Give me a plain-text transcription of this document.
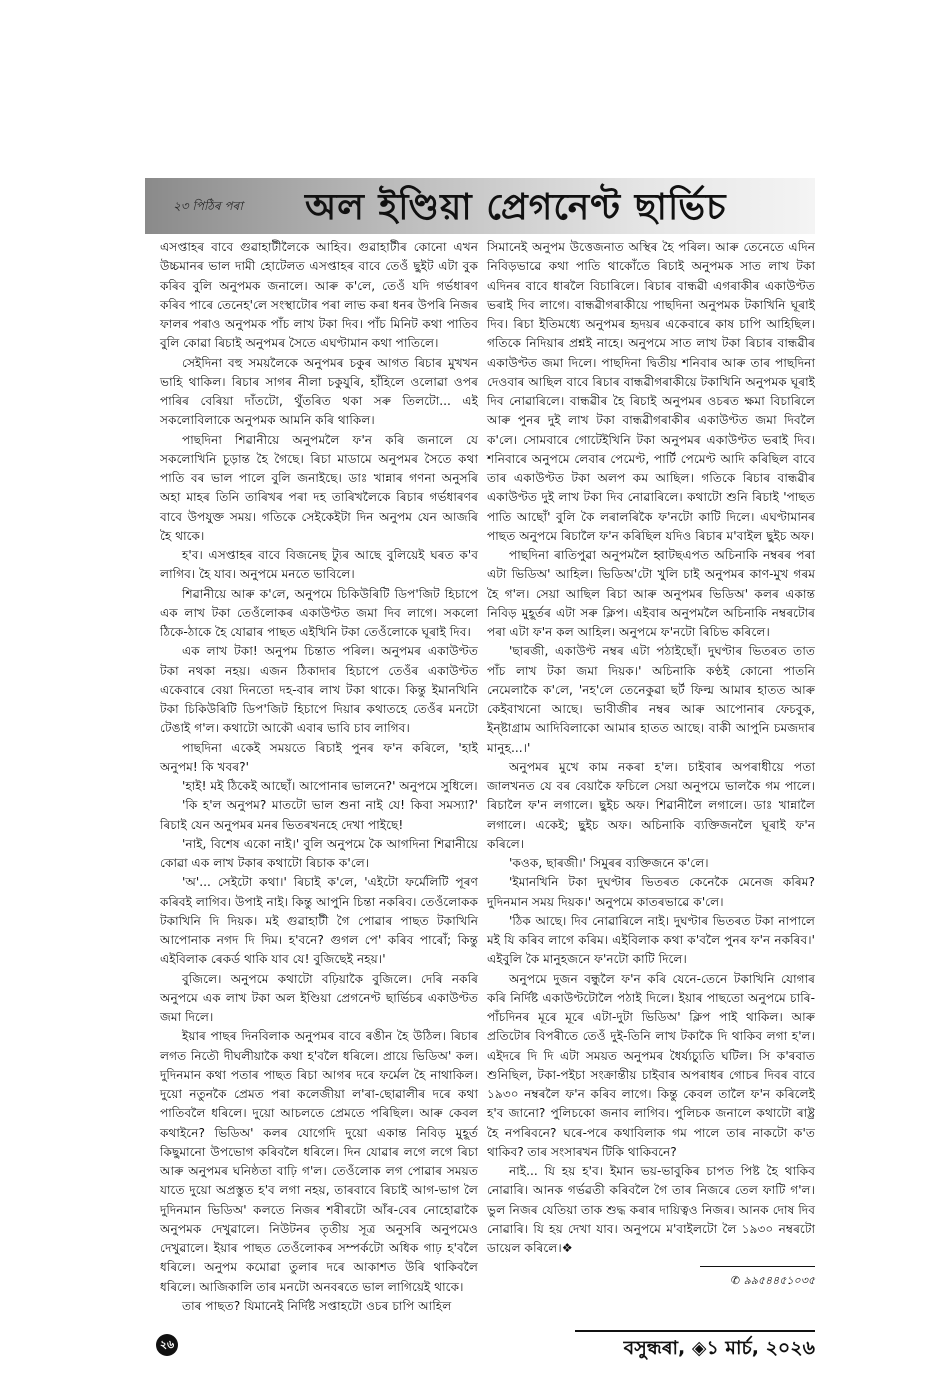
২৩ পিঠিৰ পৰা অল ইণ্ডিয়া প্ৰেগনেণ্ট ছাৰ্ভিচ

এসপ্তাহৰ বাবে গুৱাহাটীলৈকে আহিব। গুৱাহাটীৰ কোনো এখন উচ্চমানৰ ভাল দামী হোটেলত এসপ্তাহৰ বাবে তেওঁ ছুইট এটা বুক কৰিব বুলি অনুপমক জনালে। আৰু ক'লে, তেওঁ যদি গৰ্ভধাৰণ কৰিব পাৰে তেনেহ'লে সংস্থাটোৰ পৰা লাভ কৰা ধনৰ উপৰি নিজৰ ফালৰ পৰাও অনুপমক পাঁচ লাখ টকা দিব। পাঁচ মিনিট কথা পাতিব বুলি কোৱা ৰিচাই অনুপমৰ সৈতে এঘণ্টামান কথা পাতিলে।

সেইদিনা বহু সময়লৈকে অনুপমৰ চকুৰ আগত ৰিচাৰ মুখখন ভাহি থাকিল। ৰিচাৰ সাগৰ নীলা চকুযুৰি, হাঁহিলে ওলোৱা ওপৰ পাৰিৰ বেৰিয়া দাঁতটো, থুঁতৰিত থকা সৰু তিলটো... এই সকলোবিলাকে অনুপমক আমনি কৰি থাকিল।

পাছদিনা শিৱানীয়ে অনুপমলৈ ফ'ন কৰি জনালে যে সকলোখিনি চূড়ান্ত হৈ গৈছে। ৰিচা মাডামে অনুপমৰ সৈতে কথা পাতি বৰ ভাল পালে বুলি জনাইছে। ডাঃ খান্নাৰ গণনা অনুসৰি অহা মাহৰ তিনি তাৰিখৰ পৰা দহ তাৰিখলৈকে ৰিচাৰ গৰ্ভধাৰণৰ বাবে উপযুক্ত সময়। গতিকে সেইকেইটা দিন অনুপম যেন আজৰি হৈ থাকে।

হ'ব। এসপ্তাহৰ বাবে বিজনেছ ট্যুৰ আছে বুলিয়েই ঘৰত ক'ব লাগিব। হৈ যাব। অনুপমে মনতে ভাবিলে।

শিৱানীয়ে আৰু ক'লে, অনুপমে চিকিউৰিটি ডিপ'জিট হিচাপে এক লাখ টকা তেওঁলোকৰ একাউণ্টত জমা দিব লাগে। সকলো ঠিকে-ঠাকে হৈ যোৱাৰ পাছত এইখিনি টকা তেওঁলোকে ঘূৰাই দিব।

এক লাখ টকা! অনুপম চিন্তাত পৰিল। অনুপমৰ একাউণ্টত টকা নথকা নহয়। এজন ঠিকাদাৰ হিচাপে তেওঁৰ একাউণ্টত একেবাৰে বেয়া দিনতো দহ-বাৰ লাখ টকা থাকে। কিন্তু ইমানখিনি টকা চিকিউৰিটি ডিপ'জিট হিচাপে দিয়াৰ কথাতহে তেওঁৰ মনটো টেঙাই গ'ল। কথাটো আকৌ এবাৰ ভাবি চাব লাগিব।

পাছদিনা একেই সময়তে ৰিচাই পুনৰ ফ'ন কৰিলে, 'হাই অনুপম! কি খবৰ?'

'হাই! মই ঠিকেই আছোঁ। আপোনাৰ ভালনে?' অনুপমে সুধিলে।

'কি হ'ল অনুপম? মাতটো ভাল শুনা নাই যে! কিবা সমস্যা?' ৰিচাই যেন অনুপমৰ মনৰ ভিতৰখনহে দেখা পাইছে!

'নাই, বিশেষ একো নাই।' বুলি অনুপমে কৈ আগদিনা শিৱানীয়ে কোৱা এক লাখ টকাৰ কথাটো ৰিচাক ক'লে।

'অ'... সেইটো কথা।' ৰিচাই ক'লে, 'এইটো ফৰ্মেলিটি পূৰণ কৰিবই লাগিব। উপাই নাই। কিন্তু আপুনি চিন্তা নকৰিব। তেওঁলোকক টকাখিনি দি দিয়ক। মই গুৱাহাটী গৈ পোৱাৰ পাছত টকাখিনি আপোনাক নগদ দি দিম। হ'বনে? গুগল পে' কৰিব পাৰোঁ; কিন্তু এইবিলাক ৰেকৰ্ড থাকি যাব যে! বুজিছেই নহয়।'

বুজিলে। অনুপমে কথাটো বঢ়িয়াকৈ বুজিলে। দেৰি নকৰি অনুপমে এক লাখ টকা অল ইণ্ডিয়া প্ৰেগনেণ্ট ছাৰ্ভিচৰ একাউণ্টত জমা দিলে।

ইয়াৰ পাছৰ দিনবিলাক অনুপমৰ বাবে ৰঙীন হৈ উঠিল। ৰিচাৰ লগত নিতৌ দীঘলীয়াকৈ কথা হ'বলৈ ধৰিলে। প্ৰায়ে ভিডিঅ' কল। দুদিনমান কথা পতাৰ পাছত ৰিচা আগৰ দৰে ফৰ্মেল হৈ নাথাকিল। দুয়ো নতুনকৈ প্ৰেমত পৰা কলেজীয়া ল'ৰা-ছোৱালীৰ দৰে কথা পাতিবলৈ ধৰিলে। দুয়ো আচলতে প্ৰেমতে পৰিছিল। আৰু কেবল কথাইনে? ভিডিঅ' কলৰ যোগেদি দুয়ো একান্ত নিবিড় মুহূৰ্ত কিছুমানো উপভোগ কৰিবলৈ ধৰিলে। দিন যোৱাৰ লগে লগে ৰিচা আৰু অনুপমৰ ঘনিষ্ঠতা বাঢ়ি গ'ল। তেওঁলোক লগ পোৱাৰ সময়ত যাতে দুয়ো অপ্ৰস্তুত হ'ব লগা নহয়, তাৰবাবে ৰিচাই আগ-ভাগ লৈ দুদিনমান ভিডিঅ' কলতে নিজৰ শৰীৰটো আঁৰ-বেৰ নোহোৱাকৈ অনুপমক দেখুৱালে। নিউটনৰ তৃতীয় সূত্ৰ অনুসৰি অনুপমেও দেখুৱালে। ইয়াৰ পাছত তেওঁলোকৰ সম্পৰ্কটো অধিক গাঢ় হ'বলৈ ধৰিলে। অনুপম কমোৱা তুলাৰ দৰে আকাশত উৰি থাকিবলৈ ধৰিলে। আজিকালি তাৰ মনটো অনবৰতে ভাল লাগিয়েই থাকে।

তাৰ পাছত? যিমানেই নিৰ্দিষ্ট সপ্তাহটো ওচৰ চাপি আহিল

সিমানেই অনুপম উত্তেজনাত অস্থিৰ হৈ পৰিল। আৰু তেনেতে এদিন নিবিড়ভাৱে কথা পাতি থাকোঁতে ৰিচাই অনুপমক সাত লাখ টকা এদিনৰ বাবে ধাৰলৈ বিচাৰিলে। ৰিচাৰ বান্ধৱী এগৰাকীৰ একাউণ্টত ভৰাই দিব লাগে। বান্ধৱীগৰাকীয়ে পাছদিনা অনুপমক টকাখিনি ঘূৰাই দিব। ৰিচা ইতিমধ্যে অনুপমৰ হৃদয়ৰ একেবাৰে কাষ চাপি আহিছিল। গতিকে নিদিয়াৰ প্ৰশ্নই নাহে। অনুপমে সাত লাখ টকা ৰিচাৰ বান্ধৱীৰ একাউণ্টত জমা দিলে। পাছদিনা দ্বিতীয় শনিবাৰ আৰু তাৰ পাছদিনা দেওবাৰ আছিল বাবে ৰিচাৰ বান্ধৱীগৰাকীয়ে টকাখিনি অনুপমক ঘূৰাই দিব নোৱাৰিলে। বান্ধৱীৰ হৈ ৰিচাই অনুপমৰ ওচৰত ক্ষমা বিচাৰিলে আৰু পুনৰ দুই লাখ টকা বান্ধৱীগৰাকীৰ একাউণ্টত জমা দিবলৈ ক'লে। সোমবাৰে গোটেইখিনি টকা অনুপমৰ একাউণ্টত ভৰাই দিব। শনিবাৰে অনুপমে লেবাৰ পেমেণ্ট, পাৰ্টি পেমেণ্ট আদি কৰিছিল বাবে তাৰ একাউণ্টত টকা অলপ কম আছিল। গতিকে ৰিচাৰ বান্ধৱীৰ একাউণ্টত দুই লাখ টকা দিব নোৱাৰিলে। কথাটো শুনি ৰিচাই 'পাছত পাতি আছোঁ' বুলি কৈ লৰালৰিকৈ ফ'নটো কাটি দিলে। এঘণ্টামানৰ পাছত অনুপমে ৰিচালৈ ফ'ন কৰিছিল যদিও ৰিচাৰ ম'বাইল ছুইচ অফ।

পাছদিনা ৰাতিপুৱা অনুপমলৈ হ্বাটছএপত অচিনাকি নম্বৰৰ পৰা এটা ভিডিঅ' আহিল। ভিডিঅ'টো খুলি চাই অনুপমৰ কাণ-মুখ গৰম হৈ গ'ল। সেয়া আছিল ৰিচা আৰু অনুপমৰ ভিডিঅ' কলৰ একান্ত নিবিড় মুহূৰ্তৰ এটা সৰু ক্লিপ। এইবাৰ অনুপমলৈ অচিনাকি নম্বৰটোৰ পৰা এটা ফ'ন কল আহিল। অনুপমে ফ'নটো ৰিচিভ কৰিলে।

'ছাৰজী, একাউণ্ট নম্বৰ এটা পঠাইছোঁ। দুঘণ্টাৰ ভিতৰত তাত পাঁচ লাখ টকা জমা দিয়ক।' অচিনাকি কণ্ঠই কোনো পাতনি নেমেলাকৈ ক'লে, 'নহ'লে তেনেকুৱা ছৰ্ট ফিল্ম আমাৰ হাতত আৰু কেইবাখনো আছে। ভাবীজীৰ নম্বৰ আৰু আপোনাৰ ফেচবুক, ইন্‌ষ্টাগ্ৰাম আদিবিলাকো আমাৰ হাতত আছে। বাকী আপুনি চমজদাৰ মানুহ...।'

অনুপমৰ মুখে কাম নকৰা হ'ল। চাইবাৰ অপৰাধীয়ে পতা জালখনত যে বৰ বেয়াকৈ ফচিলে সেয়া অনুপমে ভালকৈ গম পালে। ৰিচালৈ ফ'ন লগালে। ছুইচ অফ। শিৱানীলৈ লগালে। ডাঃ খান্নালৈ লগালে। একেই; ছুইচ অফ। অচিনাকি ব্যক্তিজনলৈ ঘূৰাই ফ'ন কৰিলে।

'কওক, ছাৰজী।' সিমুৰৰ ব্যক্তিজনে ক'লে।

'ইমানখিনি টকা দুঘণ্টাৰ ভিতৰত কেনেকৈ মেনেজ কৰিম? দুদিনমান সময় দিয়ক।' অনুপমে কাতৰভাৱে ক'লে।

'ঠিক আছে। দিব নোৱাৰিলে নাই। দুঘণ্টাৰ ভিতৰত টকা নাপালে মই যি কৰিব লাগে কৰিম। এইবিলাক কথা ক'বলৈ পুনৰ ফ'ন নকৰিব।' এইবুলি কৈ মানুহজনে ফ'নটো কাটি দিলে।

অনুপমে দুজন বন্ধুলৈ ফ'ন কৰি যেনে-তেনে টকাখিনি যোগাৰ কৰি নিৰ্দিষ্ট একাউণ্টটোলৈ পঠাই দিলে। ইয়াৰ পাছতো অনুপমে চাৰি-পাঁচদিনৰ মূৰে মূৰে এটা-দুটা ভিডিঅ' ক্লিপ পাই থাকিল। আৰু প্ৰতিটোৰ বিপৰীতে তেওঁ দুই-তিনি লাখ টকাকৈ দি থাকিব লগা হ'ল। এইদৰে দি দি এটা সময়ত অনুপমৰ ধৈৰ্য্যচ্যুতি ঘটিল। সি ক'ৰবাত শুনিছিল, টকা-পইচা সংক্ৰান্তীয় চাইবাৰ অপৰাধৰ গোচৰ দিবৰ বাবে ১৯৩০ নম্বৰলৈ ফ'ন কৰিব লাগে। কিন্তু কেবল তালৈ ফ'ন কৰিলেই হ'ব জানো? পুলিচকো জনাব লাগিব। পুলিচক জনালে কথাটো ৰাষ্ট্ৰ হৈ নপৰিবনে? ঘৰে-পৰে কথাবিলাক গম পালে তাৰ নাকটো ক'ত থাকিব? তাৰ সংসাৰখন টিকি থাকিবনে?

নাই... যি হয় হ'ব। ইমান ভয়-ভাবুকিৰ চাপত পিষ্ট হৈ থাকিব নোৱাৰি। আনক গৰ্ভৱতী কৰিবলৈ গৈ তাৰ নিজৰে তেল ফাটি গ'ল। ভুল নিজৰ যেতিয়া তাক শুদ্ধ কৰাৰ দায়িত্বও নিজৰ। আনক দোষ দিব নোৱাৰি। যি হয় দেখা যাব। অনুপমে ম'বাইলটো লৈ ১৯৩০ নম্বৰটো ডায়েল কৰিলে।❖

✆ ৯৯৫৪৪৫১০৩৫
২৬	বসুন্ধৰা, ◈১ মাৰ্চ, ২০২৬
